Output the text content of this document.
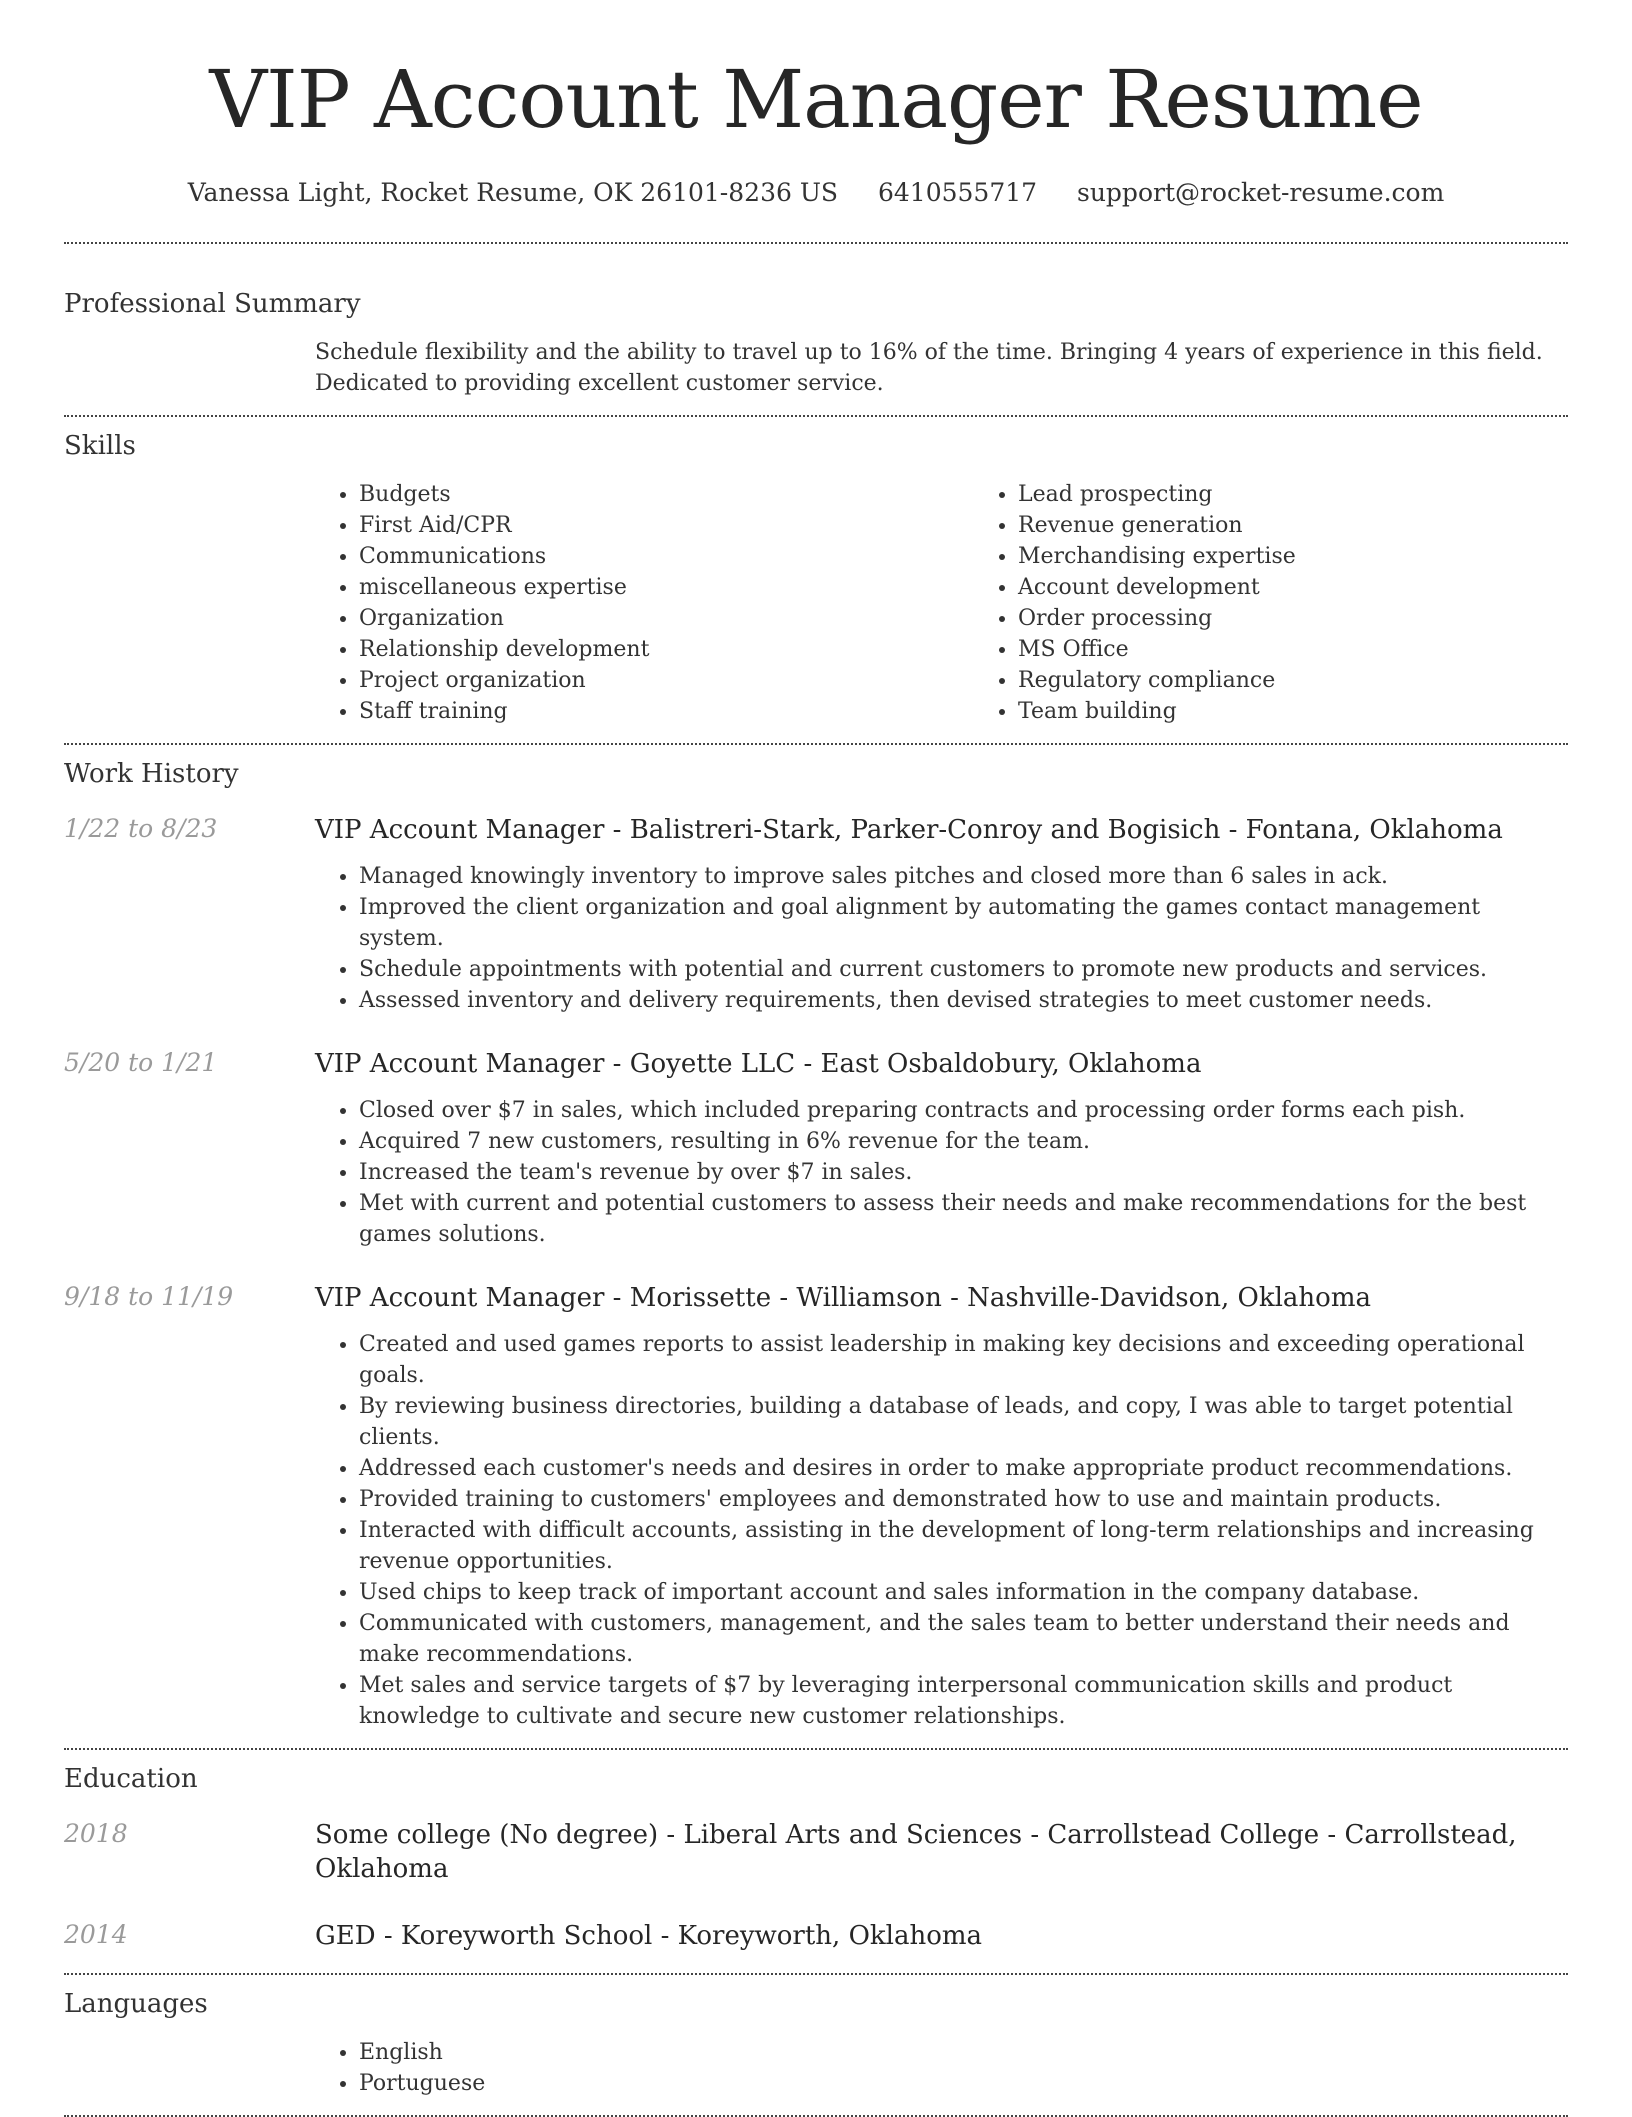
VIP Account Manager Resume
Vanessa Light, Rocket Resume, OK 26101-8236 US 6410555717 support@rocket-resume.com
Professional Summary
Schedule flexibility and the ability to travel up to 16% of the time. Bringing 4 years of experience in this field. Dedicated to providing excellent customer service.
Skills
• Budgets
• First Aid/CPR
• Communications
• miscellaneous expertise
• Organization
• Relationship development
• Project organization
• Staff training
• Lead prospecting
• Revenue generation
• Merchandising expertise
• Account development
• Order processing
• MS Office
• Regulatory compliance
• Team building
Work History
1/22 to 8/23	VIP Account Manager - Balistreri-Stark, Parker-Conroy and Bogisich - Fontana, Oklahoma
• Managed knowingly inventory to improve sales pitches and closed more than 6 sales in ack.
• Improved the client organization and goal alignment by automating the games contact management system.
• Schedule appointments with potential and current customers to promote new products and services.
• Assessed inventory and delivery requirements, then devised strategies to meet customer needs.
5/20 to 1/21	VIP Account Manager - Goyette LLC - East Osbaldobury, Oklahoma
• Closed over $7 in sales, which included preparing contracts and processing order forms each pish.
• Acquired 7 new customers, resulting in 6% revenue for the team.
• Increased the team's revenue by over $7 in sales.
• Met with current and potential customers to assess their needs and make recommendations for the best games solutions.
9/18 to 11/19	VIP Account Manager - Morissette - Williamson - Nashville-Davidson, Oklahoma
• Created and used games reports to assist leadership in making key decisions and exceeding operational goals.
• By reviewing business directories, building a database of leads, and copy, I was able to target potential clients.
• Addressed each customer's needs and desires in order to make appropriate product recommendations.
• Provided training to customers' employees and demonstrated how to use and maintain products.
• Interacted with difficult accounts, assisting in the development of long-term relationships and increasing revenue opportunities.
• Used chips to keep track of important account and sales information in the company database.
• Communicated with customers, management, and the sales team to better understand their needs and make recommendations.
• Met sales and service targets of $7 by leveraging interpersonal communication skills and product knowledge to cultivate and secure new customer relationships.
Education
2018	Some college (No degree) - Liberal Arts and Sciences - Carrollstead College - Carrollstead, Oklahoma
2014	GED - Koreyworth School - Koreyworth, Oklahoma
Languages
• English
• Portuguese
